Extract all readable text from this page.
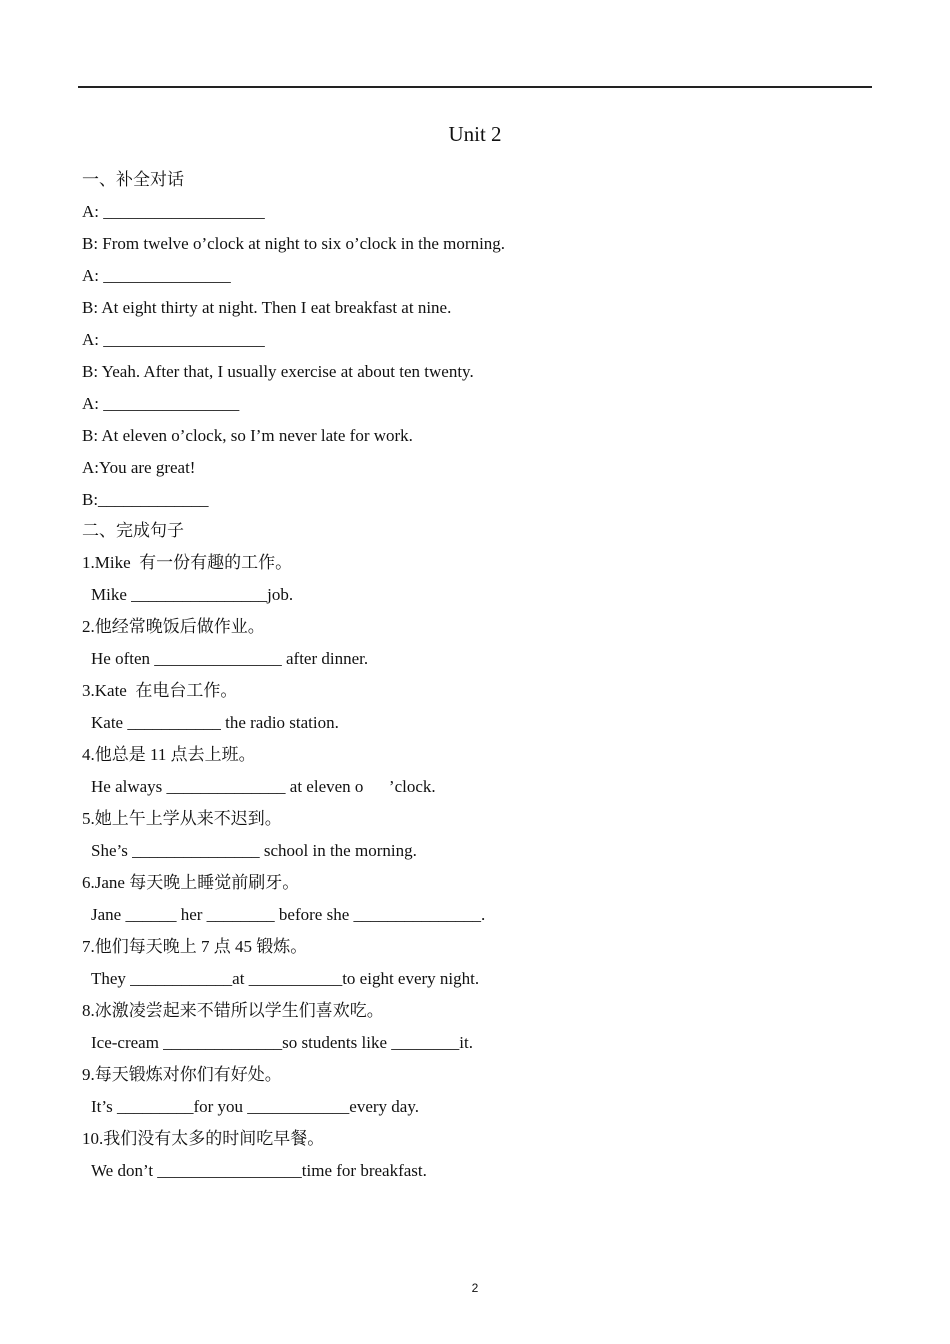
Unit 2
一、补全对话
A: ___________________
B: From twelve o’clock at night to six o’clock in the morning.
A: _______________
B: At eight thirty at night. Then I eat breakfast at nine.
A: ___________________
B: Yeah. After that, I usually exercise at about ten twenty.
A: ________________
B: At eleven o’clock, so I’m never late for work.
A:You are great!
B:_____________
二、完成句子
1.Mike  有一份有趣的工作。
Mike ________________job.
2.他经常晚饭后做作业。
He often _______________ after dinner.
3.Kate  在电台工作。
Kate ___________ the radio station.
4.他总是 11 点去上班。
He always ______________ at eleven o      ’clock.
5.她上午上学从来不迟到。
She’s _______________ school in the morning.
6.Jane 每天晚上睡觉前刷牙。
Jane ______ her ________ before she _______________.
7.他们每天晚上 7 点 45 锻炼。
They ____________at ___________to eight every night.
8.冰激凌尝起来不错所以学生们喜欢吃。
Ice-cream ______________so students like ________it.
9.每天锻炼对你们有好处。
It’s _________for you ____________every day.
10.我们没有太多的时间吃早餐。
We don’t _________________time for breakfast.
2
